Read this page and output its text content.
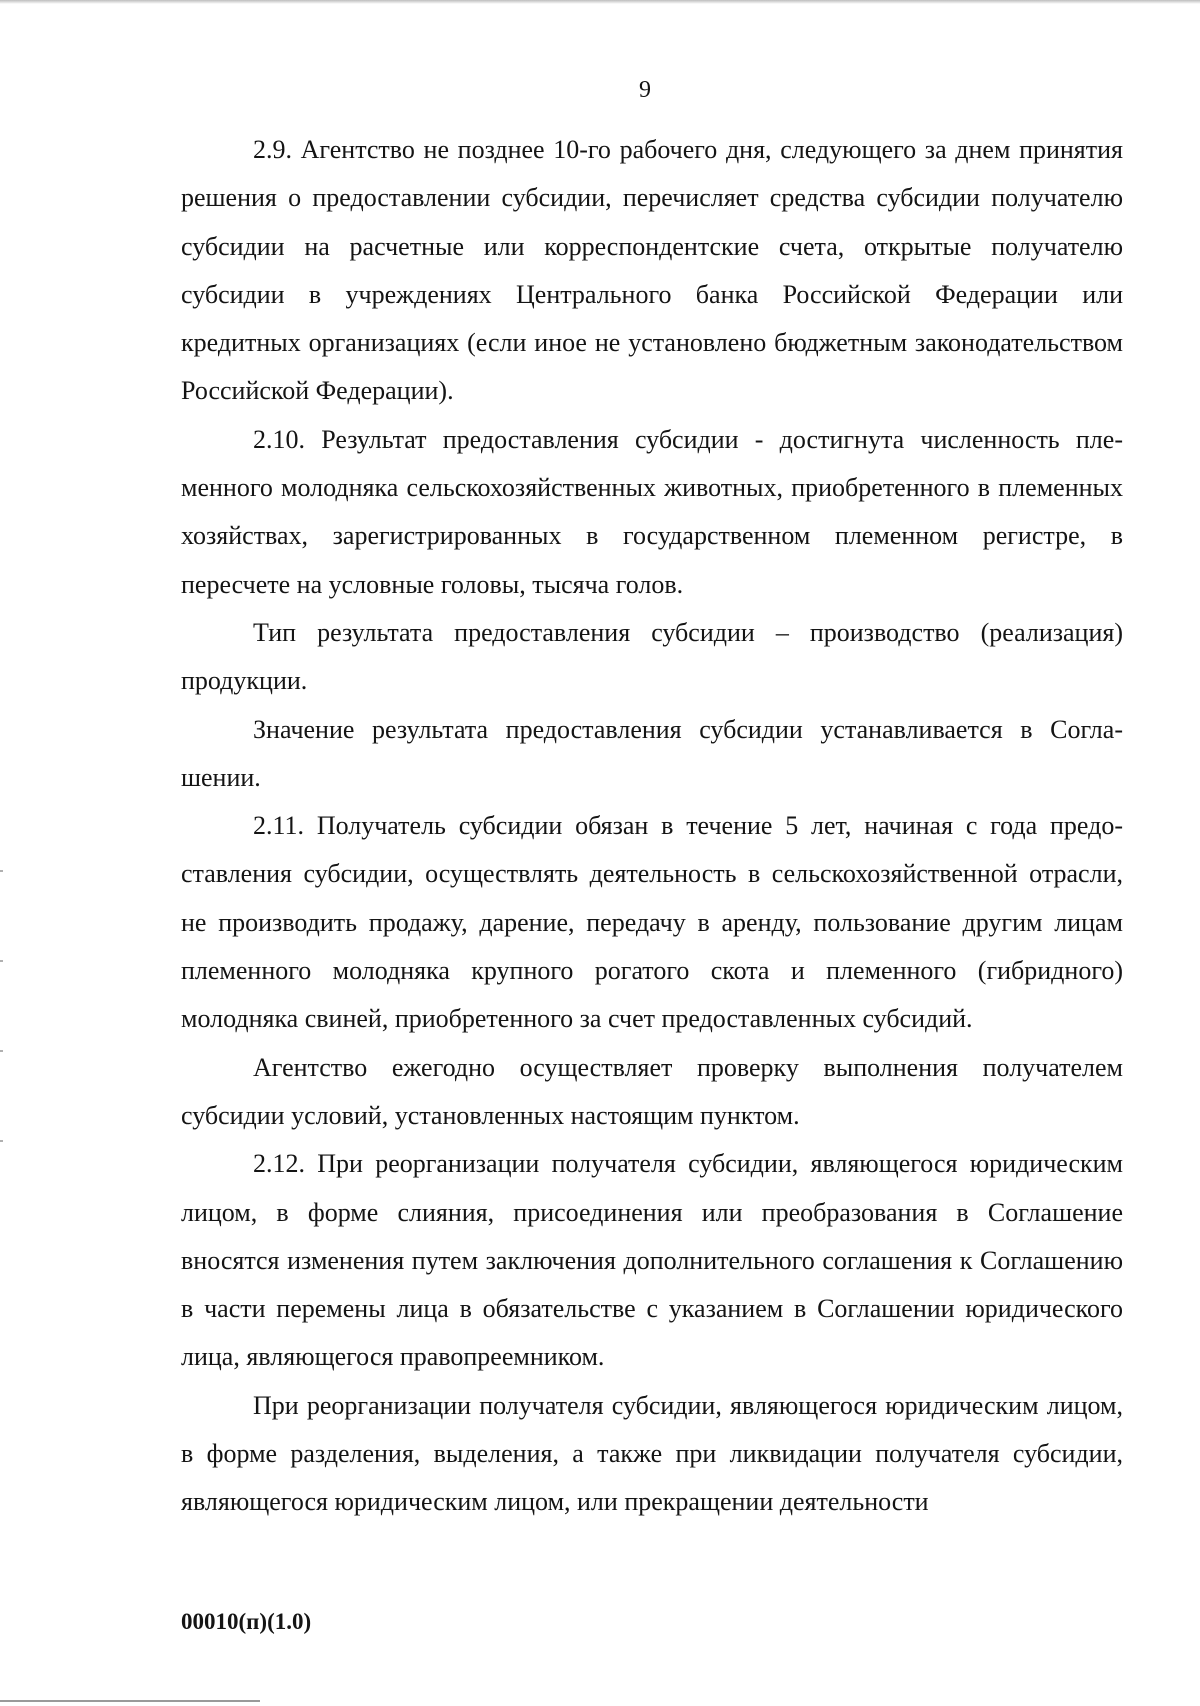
9

2.9. Агентство не позднее 10-го рабочего дня, следующего за днем принятия решения о предоставлении субсидии, перечисляет средства субсидии получателю субсидии на расчетные или корреспондентские счета, открытые получателю субсидии в учреждениях Центрального банка Российской Федерации или кредитных организациях (если иное не установлено бюджетным законодательством Российской Федерации).

2.10. Результат предоставления субсидии - достигнута численность племенного молодняка сельскохозяйственных животных, приобретенного в племенных хозяйствах, зарегистрированных в государственном племенном регистре, в пересчете на условные головы, тысяча голов.

Тип результата предоставления субсидии – производство (реализация) продукции.

Значение результата предоставления субсидии устанавливается в Соглашении.

2.11. Получатель субсидии обязан в течение 5 лет, начиная с года предоставления субсидии, осуществлять деятельность в сельскохозяйственной отрасли, не производить продажу, дарение, передачу в аренду, пользование другим лицам племенного молодняка крупного рогатого скота и племенного (гибридного) молодняка свиней, приобретенного за счет предоставленных субсидий.

Агентство ежегодно осуществляет проверку выполнения получателем субсидии условий, установленных настоящим пунктом.

2.12. При реорганизации получателя субсидии, являющегося юридическим лицом, в форме слияния, присоединения или преобразования в Соглашение вносятся изменения путем заключения дополнительного соглашения к Соглашению в части перемены лица в обязательстве с указанием в Соглашении юридического лица, являющегося правопреемником.

При реорганизации получателя субсидии, являющегося юридическим лицом, в форме разделения, выделения, а также при ликвидации получателя субсидии, являющегося юридическим лицом, или прекращении деятельности

00010(п)(1.0)
